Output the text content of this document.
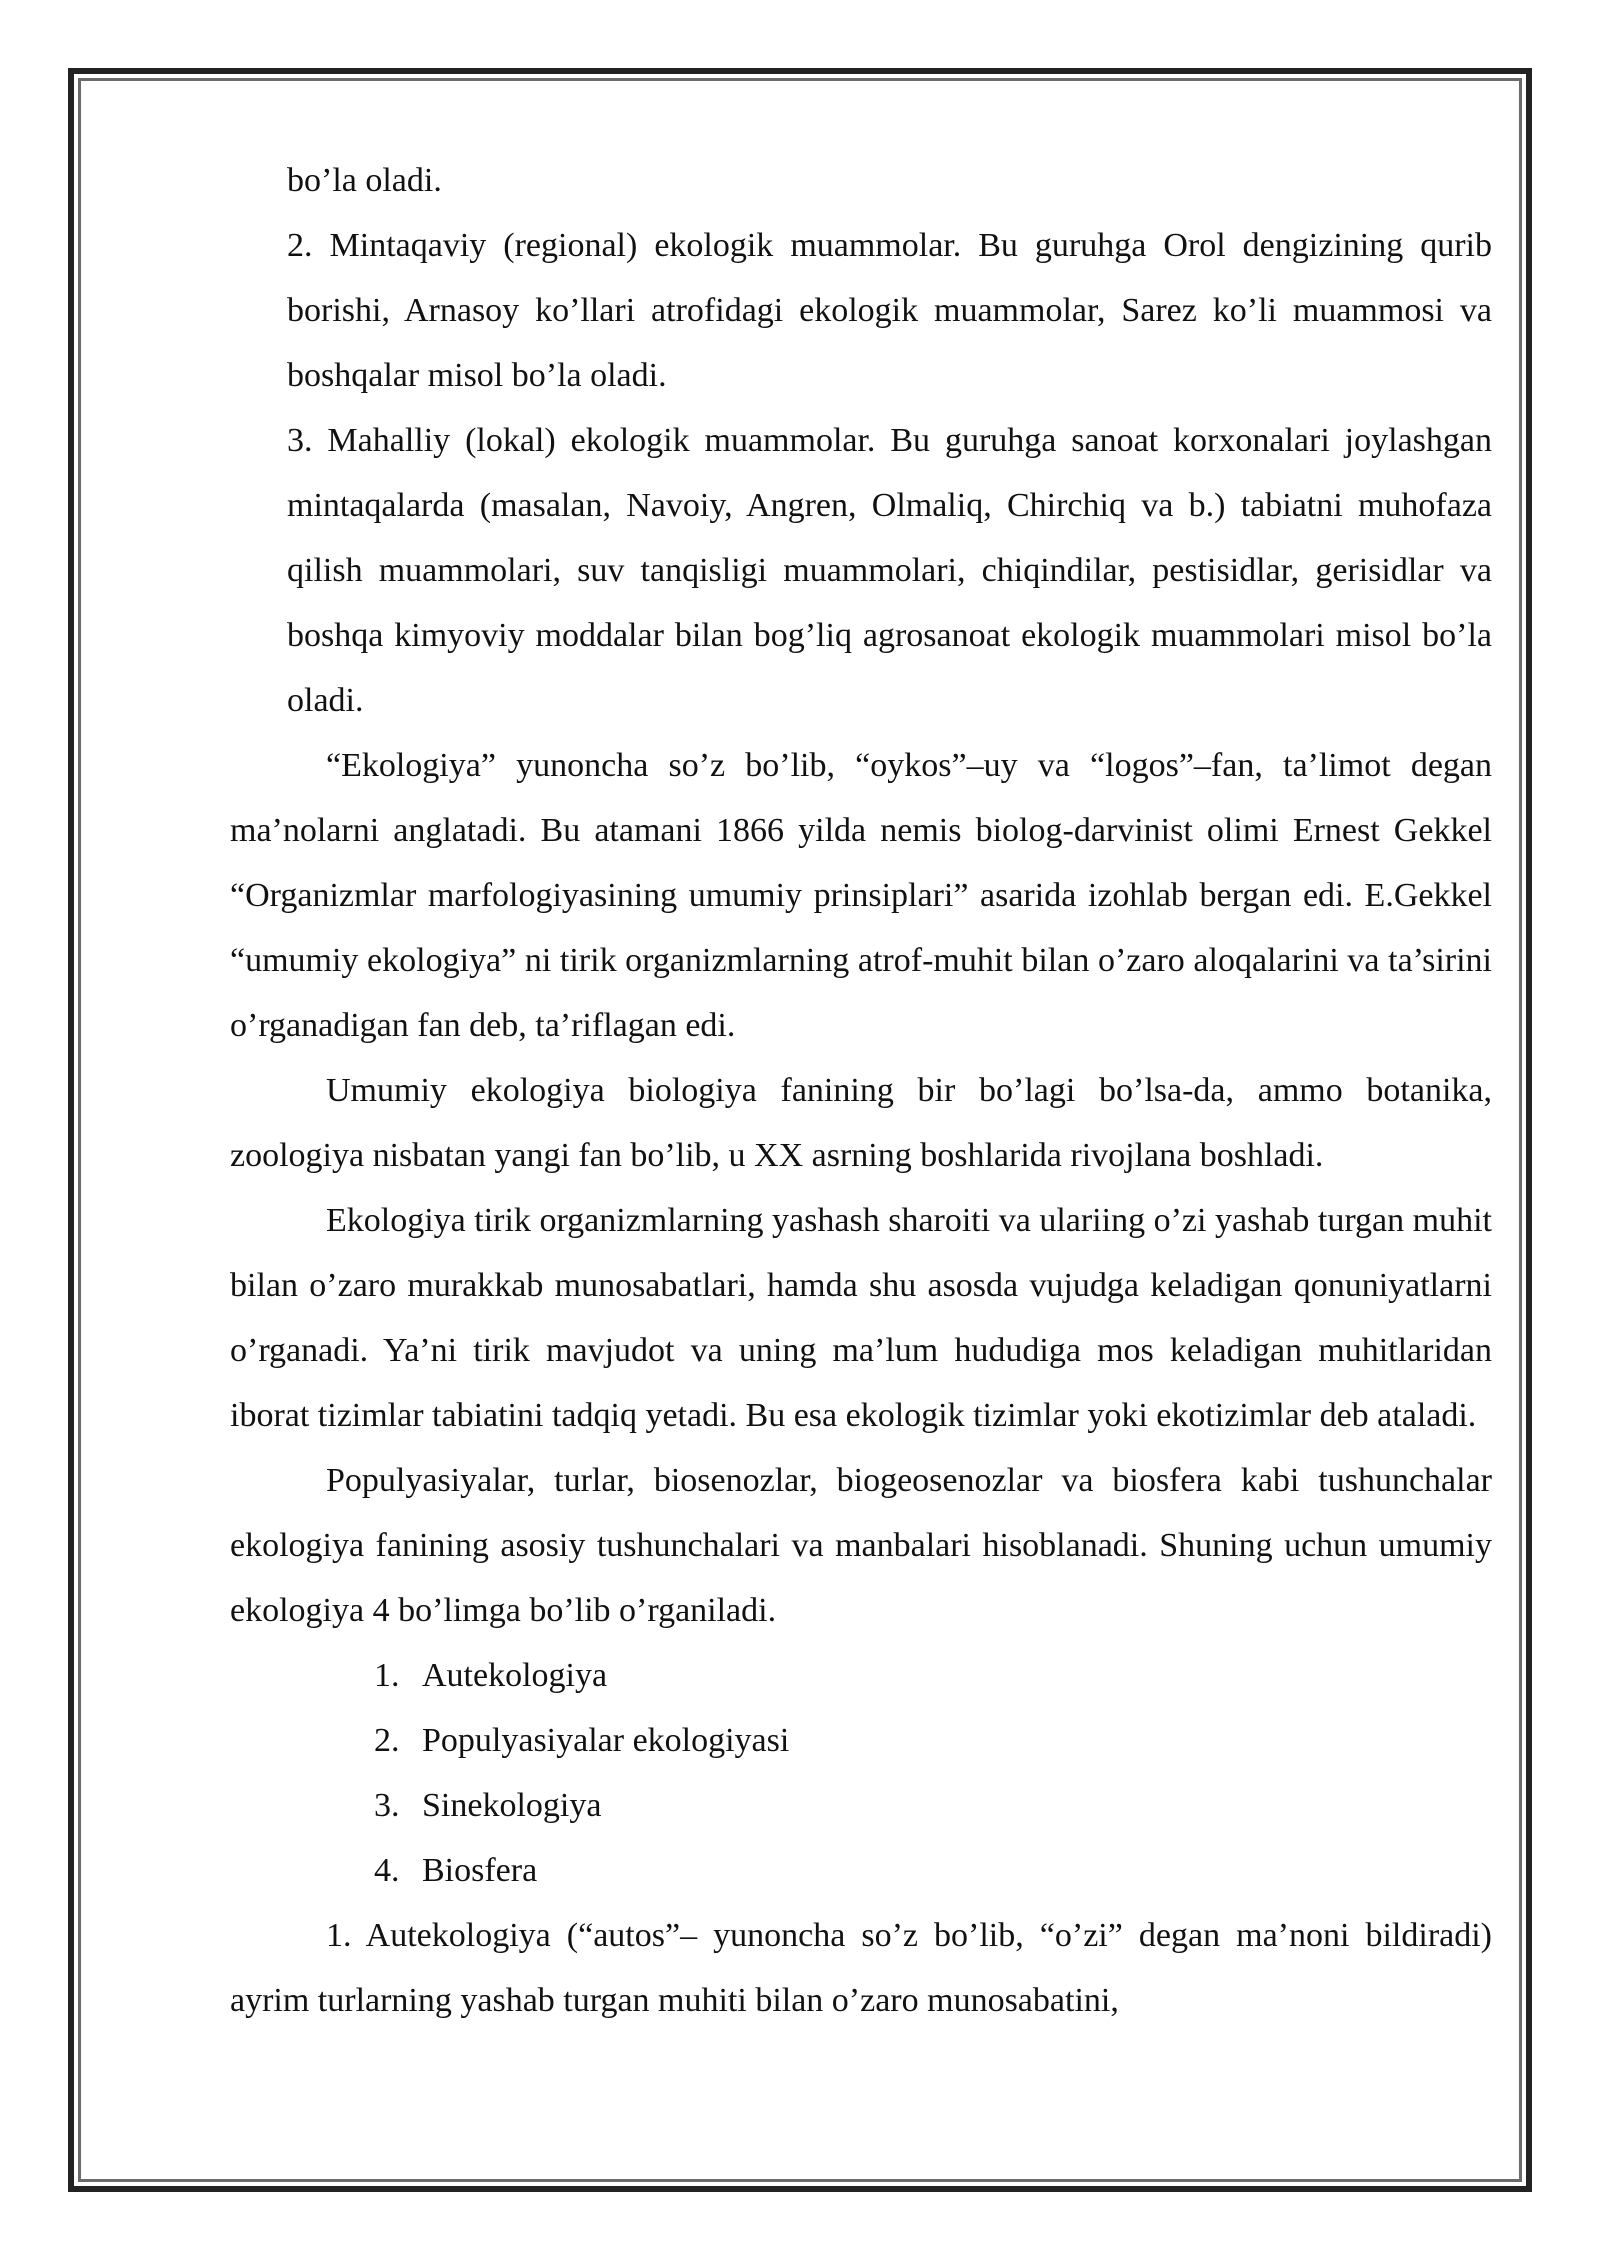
bo’la oladi.

2. Mintaqaviy (regional) ekologik muammolar. Bu guruhga Orol dengizining qurib borishi, Arnasoy ko’llari atrofidagi ekologik muammolar, Sarez ko’li muammosi va boshqalar misol bo’la oladi.

3. Mahalliy (lokal) ekologik muammolar. Bu guruhga sanoat korxonalari joylashgan mintaqalarda (masalan, Navoiy, Angren, Olmaliq, Chirchiq va b.) tabiatni muhofaza qilish muammolari, suv tanqisligi muammolari, chiqindilar, pestisidlar, gerisidlar va boshqa kimyoviy moddalar bilan bog’liq agrosanoat ekologik muammolari misol bo’la oladi.

“Ekologiya” yunoncha so’z bo’lib, “oykos”–uy va “logos”–fan, ta’limot degan ma’nolarni anglatadi. Bu atamani 1866 yilda nemis biolog-darvinist olimi Ernest Gekkel “Organizmlar marfologiyasining umumiy prinsiplari” asarida izohlab bergan edi. E.Gekkel “umumiy ekologiya” ni tirik organizmlarning atrof-muhit bilan o’zaro aloqalarini va ta’sirini o’rganadigan fan deb, ta’riflagan edi.

Umumiy ekologiya biologiya fanining bir bo’lagi bo’lsa-da, ammo botanika, zoologiya nisbatan yangi fan bo’lib, u XX asrning boshlarida rivojlana boshladi.

Ekologiya tirik organizmlarning yashash sharoiti va ulariing o’zi yashab turgan muhit bilan o’zaro murakkab munosabatlari, hamda shu asosda vujudga keladigan qonuniyatlarni o’rganadi. Ya’ni tirik mavjudot va uning ma’lum hududiga mos keladigan muhitlaridan iborat tizimlar tabiatini tadqiq yetadi. Bu esa ekologik tizimlar yoki ekotizimlar deb ataladi.

Populyasiyalar, turlar, biosenozlar, biogeosenozlar va biosfera kabi tushunchalar ekologiya fanining asosiy tushunchalari va manbalari hisoblanadi. Shuning uchun umumiy ekologiya 4 bo’limga bo’lib o’rganiladi.

1. Autekologiya
2. Populyasiyalar ekologiyasi
3. Sinekologiya
4. Biosfera

1. Autekologiya (“autos”– yunoncha so’z bo’lib, “o’zi” degan ma’noni bildiradi) ayrim turlarning yashab turgan muhiti bilan o’zaro munosabatini,
